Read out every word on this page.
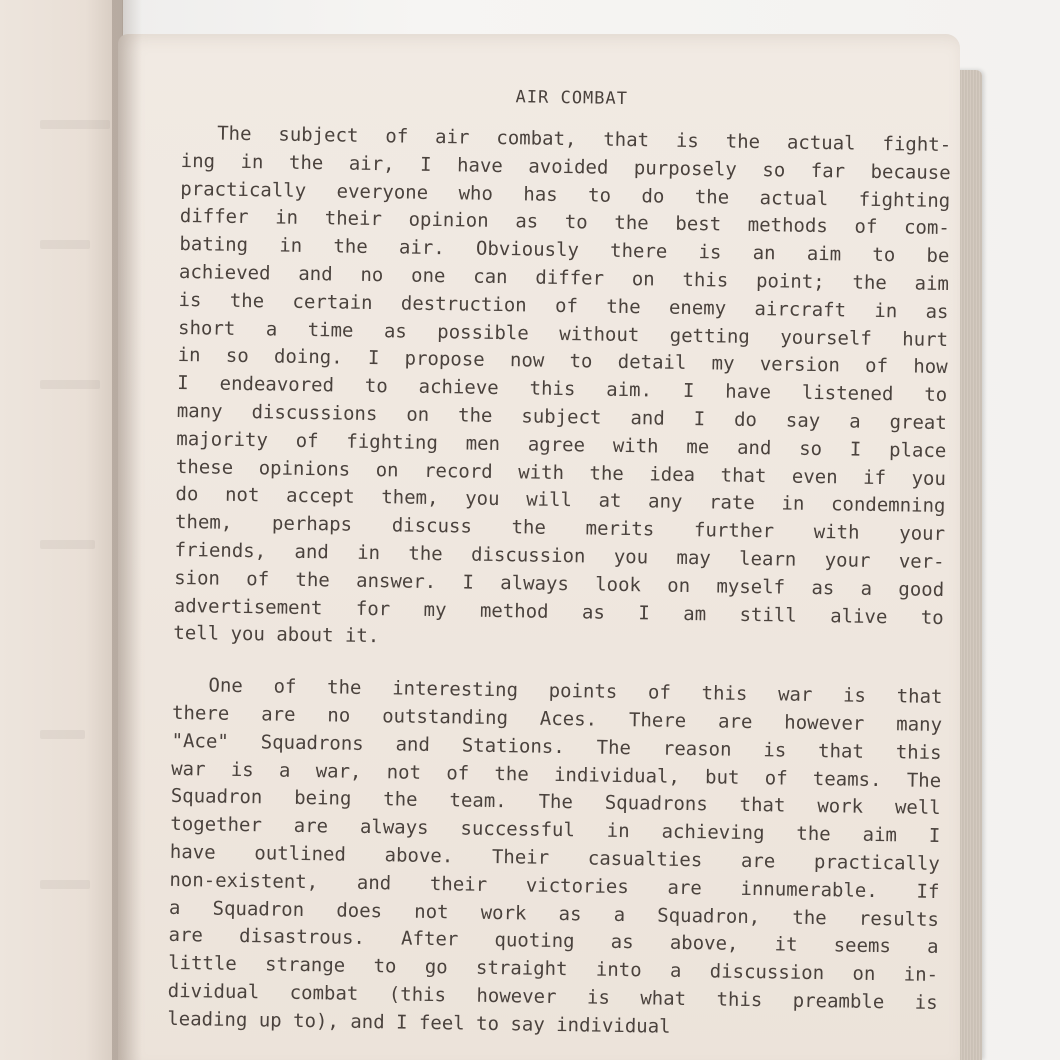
AIR COMBAT

The subject of air combat, that is the actual fight-
ing in the air, I have avoided purposely so far because
practically everyone who has to do the actual fighting
differ in their opinion as to the best methods of com-
bating in the air. Obviously there is an aim to be
achieved and no one can differ on this point; the aim
is the certain destruction of the enemy aircraft in as
short a time as possible without getting yourself hurt
in so doing. I propose now to detail my version of how
I endeavored to achieve this aim. I have listened to
many discussions on the subject and I do say a great
majority of fighting men agree with me and so I place
these opinions on record with the idea that even if you
do not accept them, you will at any rate in condemning
them, perhaps discuss the merits further with your
friends, and in the discussion you may learn your ver-
sion of the answer. I always look on myself as a good
advertisement for my method as I am still alive to
tell you about it.

One of the interesting points of this war is that
there are no outstanding Aces. There are however many
"Ace" Squadrons and Stations. The reason is that this
war is a war, not of the individual, but of teams. The
Squadron being the team. The Squadrons that work well
together are always successful in achieving the aim I
have outlined above. Their casualties are practically
non-existent, and their victories are innumerable. If
a Squadron does not work as a Squadron, the results
are disastrous. After quoting as above, it seems a
little strange to go straight into a discussion on in-
dividual combat (this however is what this preamble is
leading up to), and I feel to say individual
